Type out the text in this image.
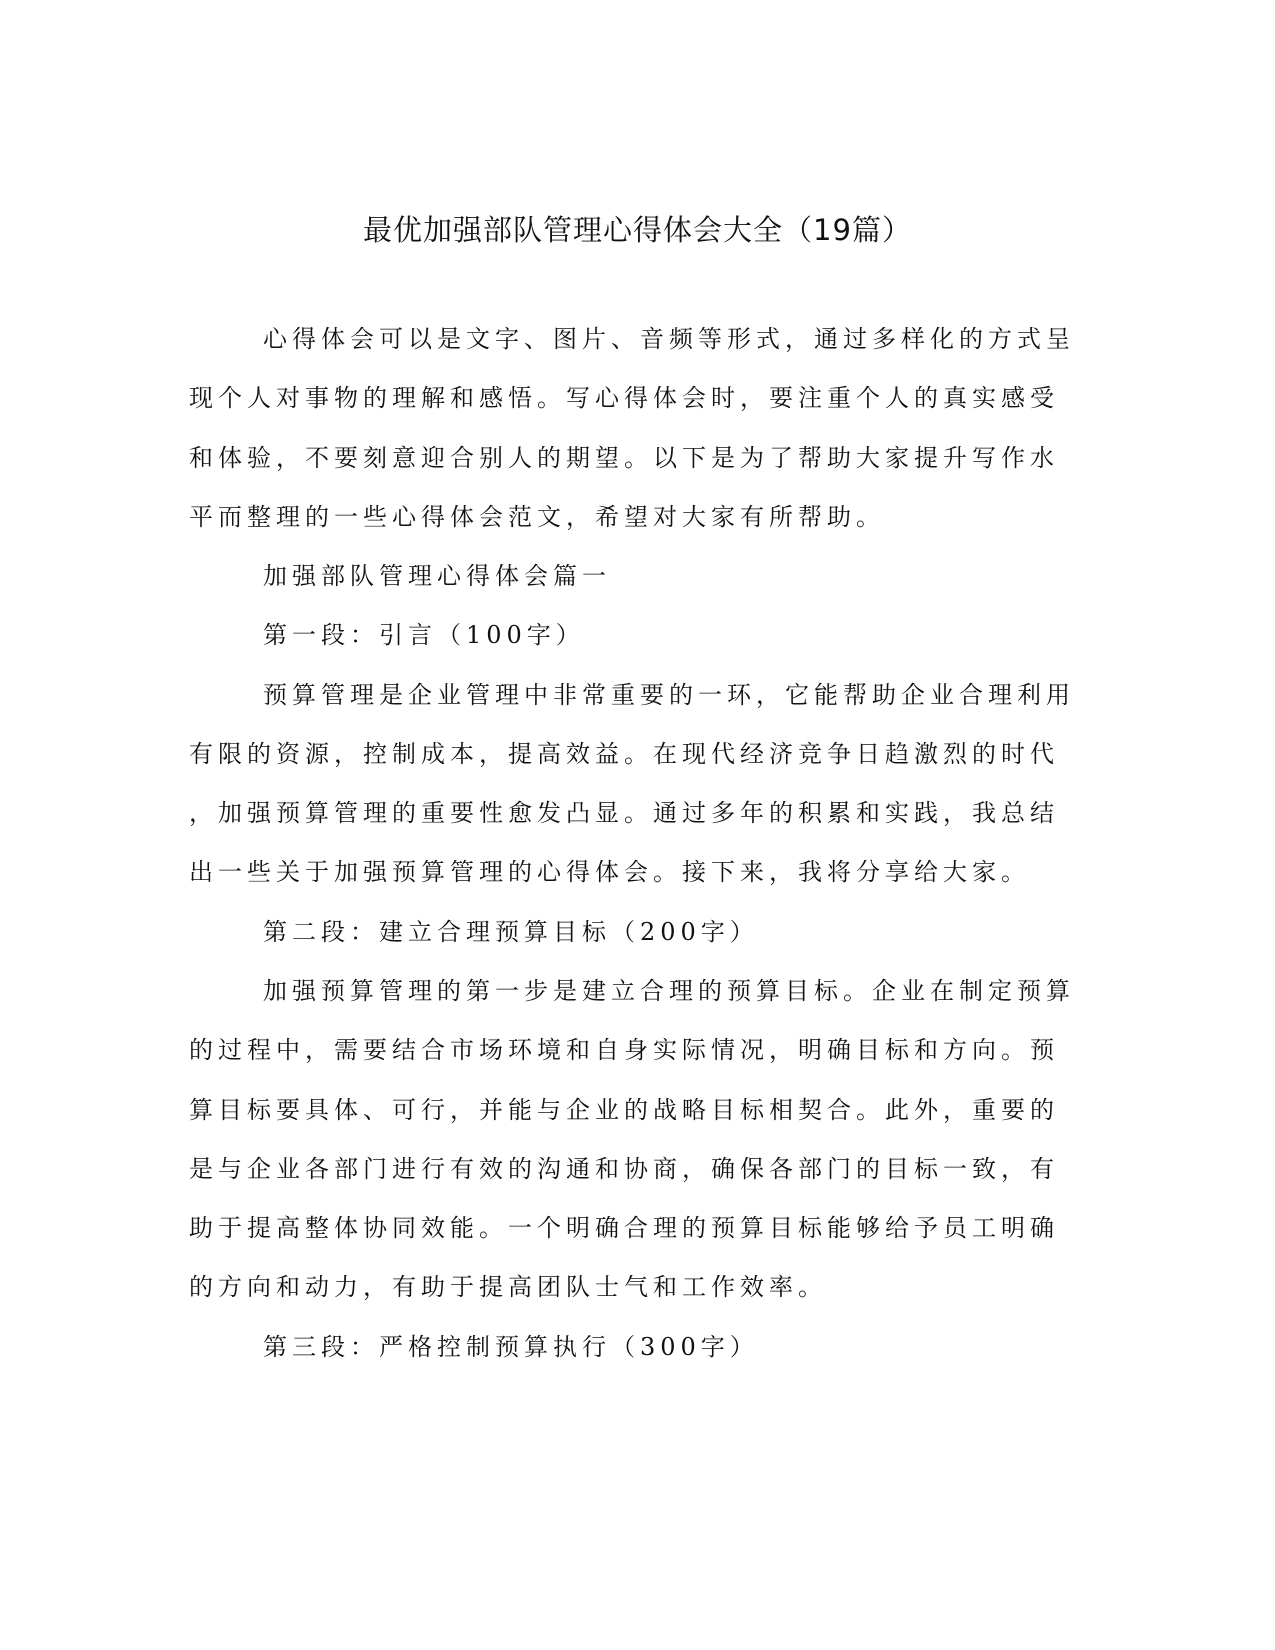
最优加强部队管理心得体会大全（19篇）

心得体会可以是文字、图片、音频等形式，通过多样化的方式呈

现个人对事物的理解和感悟。写心得体会时，要注重个人的真实感受

和体验，不要刻意迎合别人的期望。以下是为了帮助大家提升写作水

平而整理的一些心得体会范文，希望对大家有所帮助。

加强部队管理心得体会篇一

第一段：引言（100字）

预算管理是企业管理中非常重要的一环，它能帮助企业合理利用

有限的资源，控制成本，提高效益。在现代经济竞争日趋激烈的时代

，加强预算管理的重要性愈发凸显。通过多年的积累和实践，我总结

出一些关于加强预算管理的心得体会。接下来，我将分享给大家。

第二段：建立合理预算目标（200字）

加强预算管理的第一步是建立合理的预算目标。企业在制定预算

的过程中，需要结合市场环境和自身实际情况，明确目标和方向。预

算目标要具体、可行，并能与企业的战略目标相契合。此外，重要的

是与企业各部门进行有效的沟通和协商，确保各部门的目标一致，有

助于提高整体协同效能。一个明确合理的预算目标能够给予员工明确

的方向和动力，有助于提高团队士气和工作效率。

第三段：严格控制预算执行（300字）
